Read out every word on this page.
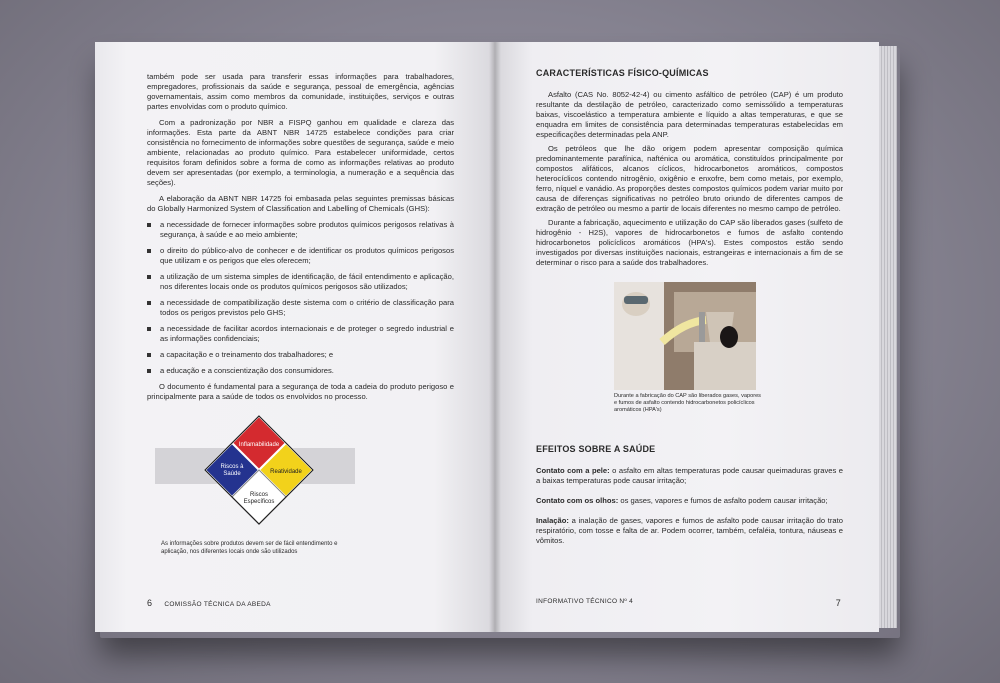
também pode ser usada para transferir essas informações para trabalhadores, empregadores, profissionais da saúde e segurança, pessoal de emergência, agências governamentais, assim como membros da comunidade, instituições, serviços e outras partes envolvidas com o produto químico.

Com a padronização por NBR a FISPQ ganhou em qualidade e clareza das informações. Esta parte da ABNT NBR 14725 estabelece condições para criar consistência no fornecimento de informações sobre questões de segurança, saúde e meio ambiente, relacionadas ao produto químico. Para estabelecer uniformidade, certos requisitos foram definidos sobre a forma de como as informações relativas ao produto devem ser apresentadas (por exemplo, a terminologia, a numeração e a sequência das seções).

A elaboração da ABNT NBR 14725 foi embasada pelas seguintes premissas básicas do Globally Harmonized System of Classification and Labelling of Chemicals (GHS):

a necessidade de fornecer informações sobre produtos químicos perigosos relativas à segurança, à saúde e ao meio ambiente;
o direito do público-alvo de conhecer e de identificar os produtos químicos perigosos que utilizam e os perigos que eles oferecem;
a utilização de um sistema simples de identificação, de fácil entendimento e aplicação, nos diferentes locais onde os produtos químicos perigosos são utilizados;
a necessidade de compatibilização deste sistema com o critério de classificação para todos os perigos previstos pelo GHS;
a necessidade de facilitar acordos internacionais e de proteger o segredo industrial e as informações confidenciais;
a capacitação e o treinamento dos trabalhadores; e
a educação e a conscientização dos consumidores.

O documento é fundamental para a segurança de toda a cadeia do produto perigoso e principalmente para a saúde de todos os envolvidos no processo.

Inflamabilidade
Riscos à
Saúde	Reatividade
Riscos
Específicos

As informações sobre produtos devem ser de fácil entendimento e aplicação, nos diferentes locais onde são utilizados

6 COMISSÃO TÉCNICA DA ABEDA
CARACTERÍSTICAS FÍSICO-QUÍMICAS

Asfalto (CAS No. 8052-42-4) ou cimento asfáltico de petróleo (CAP) é um produto resultante da destilação de petróleo, caracterizado como semissólido a temperaturas baixas, viscoelástico a temperatura ambiente e líquido a altas temperaturas, e que se enquadra em limites de consistência para determinadas temperaturas estabelecidas em especificações determinadas pela ANP.

Os petróleos que lhe dão origem podem apresentar composição química predominantemente parafínica, nafténica ou aromática, constituídos principalmente por compostos alifáticos, alcanos cíclicos, hidrocarbonetos aromáticos, compostos heterocíclicos contendo nitrogênio, oxigênio e enxofre, bem como metais, por exemplo, ferro, níquel e vanádio. As proporções destes compostos químicos podem variar muito por causa de diferenças significativas no petróleo bruto oriundo de diferentes campos de extração de petróleo ou mesmo a partir de locais diferentes no mesmo campo de petróleo.

Durante a fabricação, aquecimento e utilização do CAP são liberados gases (sulfeto de hidrogênio - H2S), vapores de hidrocarbonetos e fumos de asfalto contendo hidrocarbonetos policíclicos aromáticos (HPA's). Estes compostos estão sendo investigados por diversas instituições nacionais, estrangeiras e internacionais a fim de se determinar o risco para a saúde dos trabalhadores.

Durante a fabricação do CAP são liberados gases, vapores e fumos de asfalto contendo hidrocarbonetos policíclicos aromáticos (HPA's)

EFEITOS SOBRE A SAÚDE

Contato com a pele: o asfalto em altas temperaturas pode causar queimaduras graves e a baixas temperaturas pode causar irritação;

Contato com os olhos: os gases, vapores e fumos de asfalto podem causar irritação;

Inalação: a inalação de gases, vapores e fumos de asfalto pode causar irritação do trato respiratório, com tosse e falta de ar. Podem ocorrer, também, cefaléia, tontura, náuseas e vômitos.

INFORMATIVO TÉCNICO Nº 4	7
